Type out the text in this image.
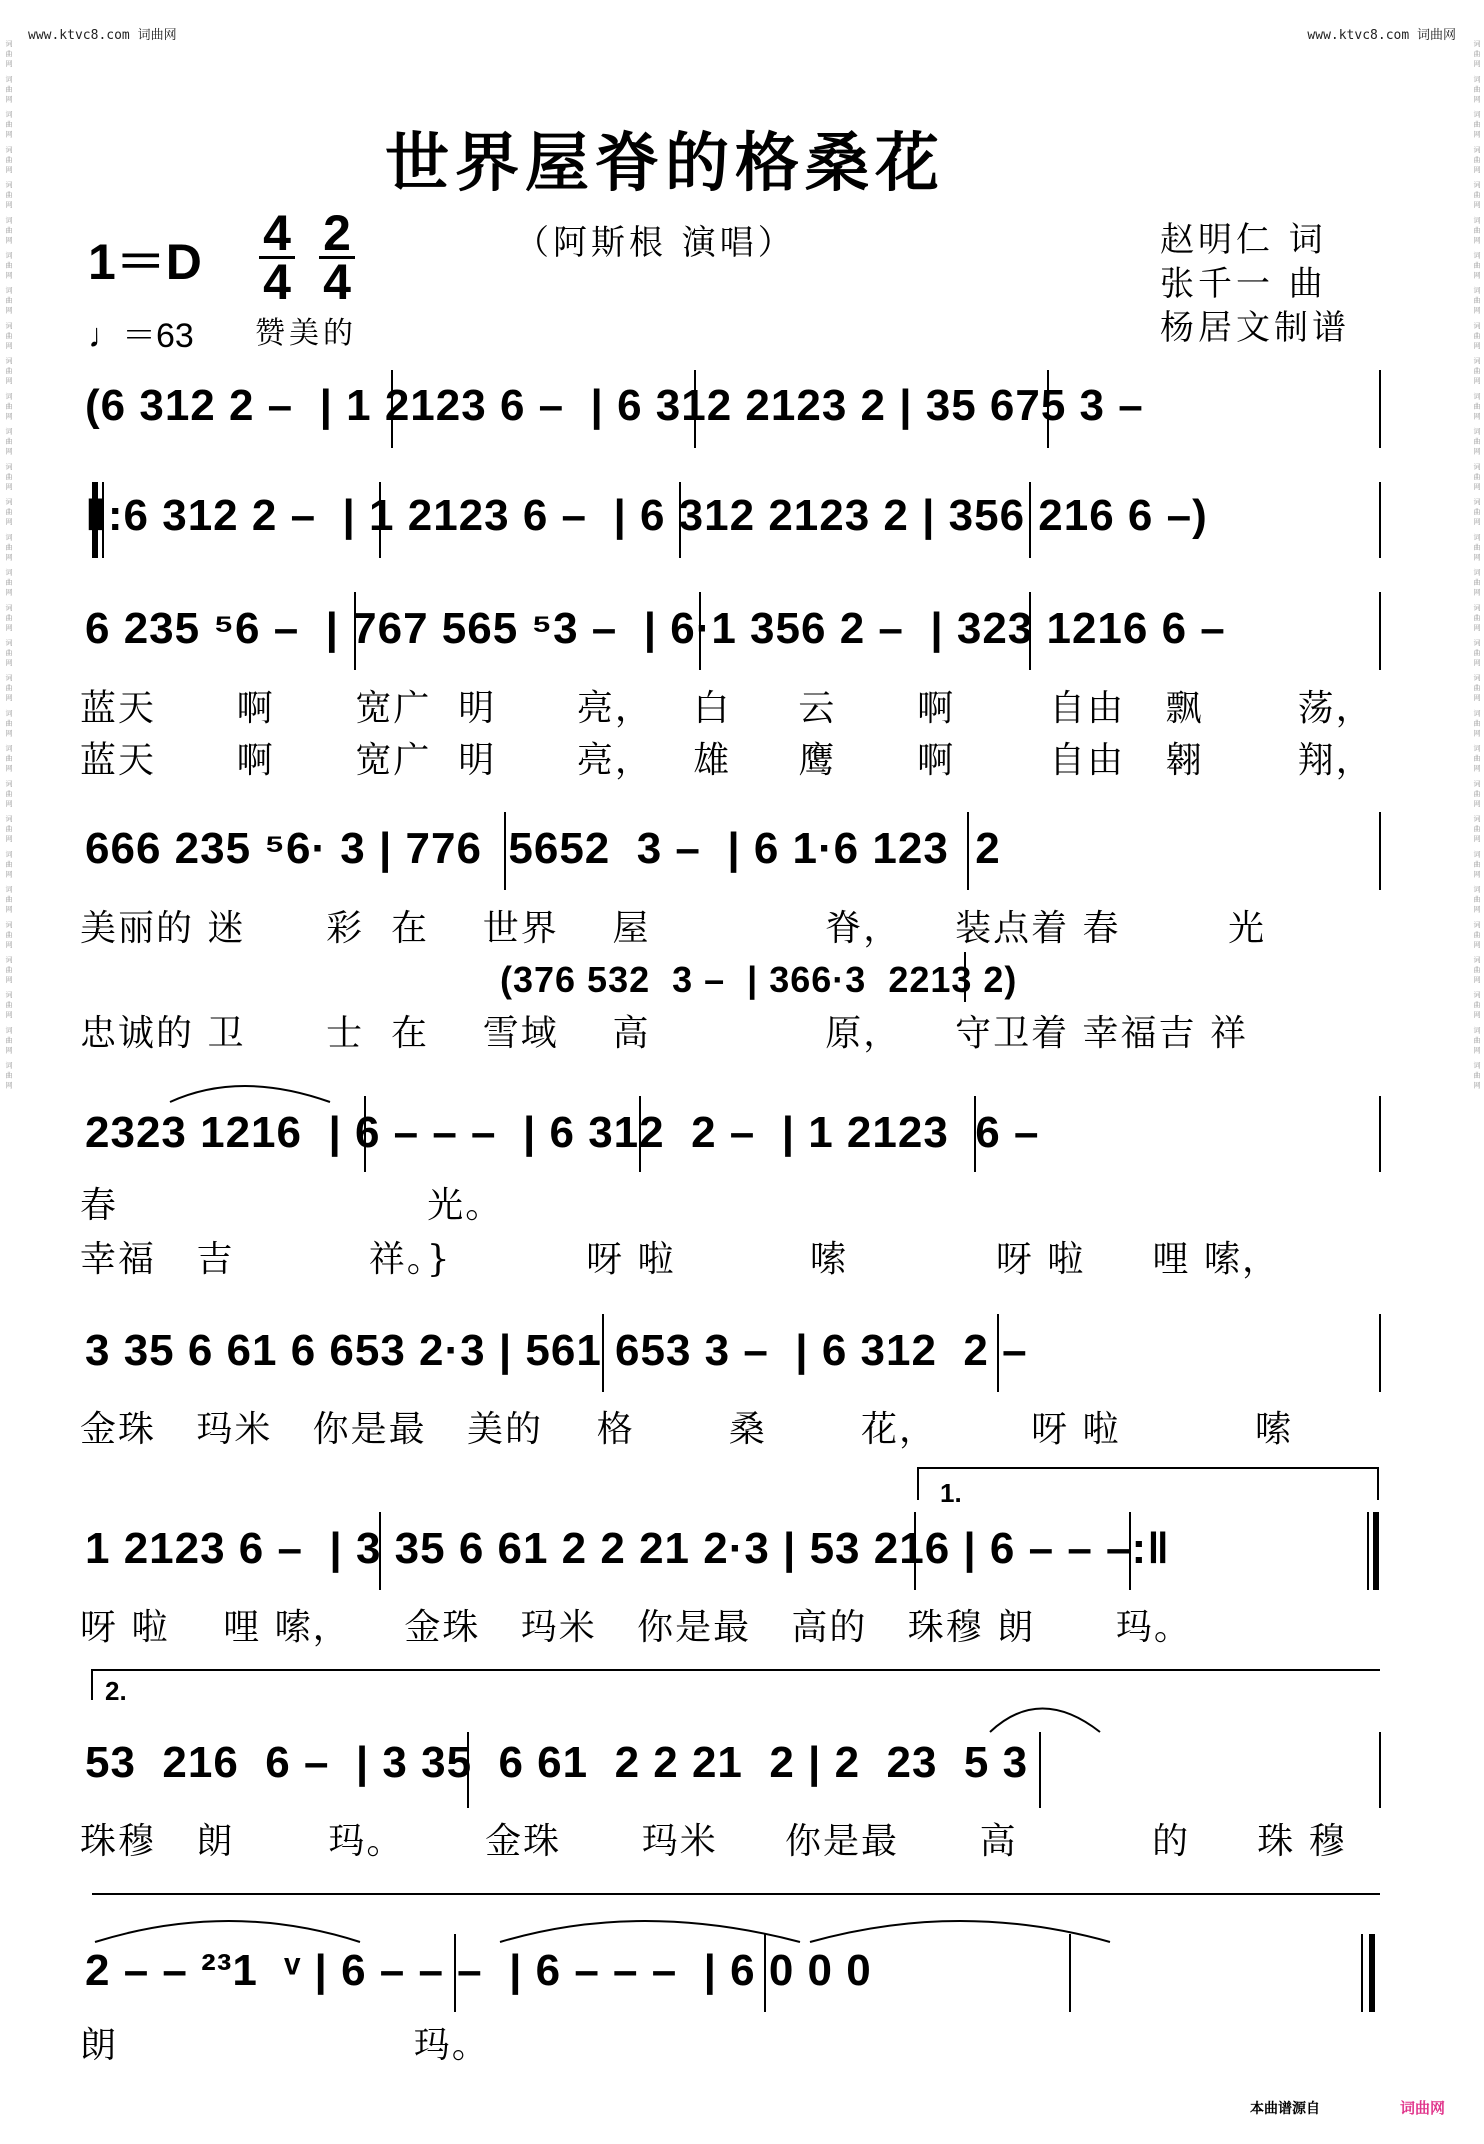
词曲网 词曲网 词曲网 词曲网 词曲网 词曲网 词曲网 词曲网 词曲网 词曲网 词曲网 词曲网 词曲网 词曲网 词曲网 词曲网 词曲网 词曲网 词曲网 词曲网 词曲网 词曲网 词曲网 词曲网 词曲网 词曲网 词曲网 词曲网 词曲网 词曲网	词曲网 词曲网 词曲网 词曲网 词曲网 词曲网 词曲网 词曲网 词曲网 词曲网 词曲网 词曲网 词曲网 词曲网 词曲网 词曲网 词曲网 词曲网 词曲网 词曲网 词曲网 词曲网 词曲网 词曲网 词曲网 词曲网 词曲网 词曲网 词曲网 词曲网
www.ktvc8.com 词曲网	www.ktvc8.com 词曲网
世界屋脊的格桑花
（阿斯根 演唱）	赵明仁 词
张千一 曲
杨居文制谱
1＝D
4
4
2
4
♩＝63 赞美的
(6 312 2 –  | 1 2123 6 –  | 6 312 2123 2 | 35 675 3 –
‖:6 312 2 –  | 1 2123 6 –  | 6 312 2123 2 | 356 216 6 –)
6 235 ⁵6 –  | 767 565 ⁵3 –  | 6·1 356 2 –  | 323 1216 6 –
蓝天      啊      宽广  明      亮，   白     云      啊       自由   飘       荡，
蓝天      啊      宽广  明      亮，   雄     鹰      啊       自由   翱       翔，
666 235 ⁵6· 3 | 776  5652  3 –  | 6 1·6 123  2
美丽的 迷      彩  在    世界    屋             脊，    装点着 春        光
(376 532  3 –  | 366·3  2213 2)
忠诚的 卫      士  在    雪域    高             原，    守卫着 幸福吉 祥
2323 1216  | 6 – – –  | 6 312  2 –  | 1 2123  6 –
春                       光。
幸福   吉          祥。}          呀 啦          嗦           呀 啦     哩 嗦，
3 35 6 61 6 653 2·3 | 561 653 3 –  | 6 312  2 –
金珠   玛米   你是最   美的    格       桑       花，       呀 啦          嗦
1.
1 2123 6 –  | 3 35 6 61 2 2 21 2·3 | 53 216 | 6 – – –:‖
呀 啦    哩 嗦，    金珠   玛米   你是最   高的   珠穆 朗      玛。
2.
53  216  6 –  | 3 35  6 61  2 2 21  2 | 2  23  5 3
珠穆   朗       玛。      金珠      玛米     你是最      高          的     珠 穆
2 – – ²³1  ᵛ | 6 – – –  | 6 – – –  | 6 0 0 0
朗                      玛。
本曲谱源自	词曲网
